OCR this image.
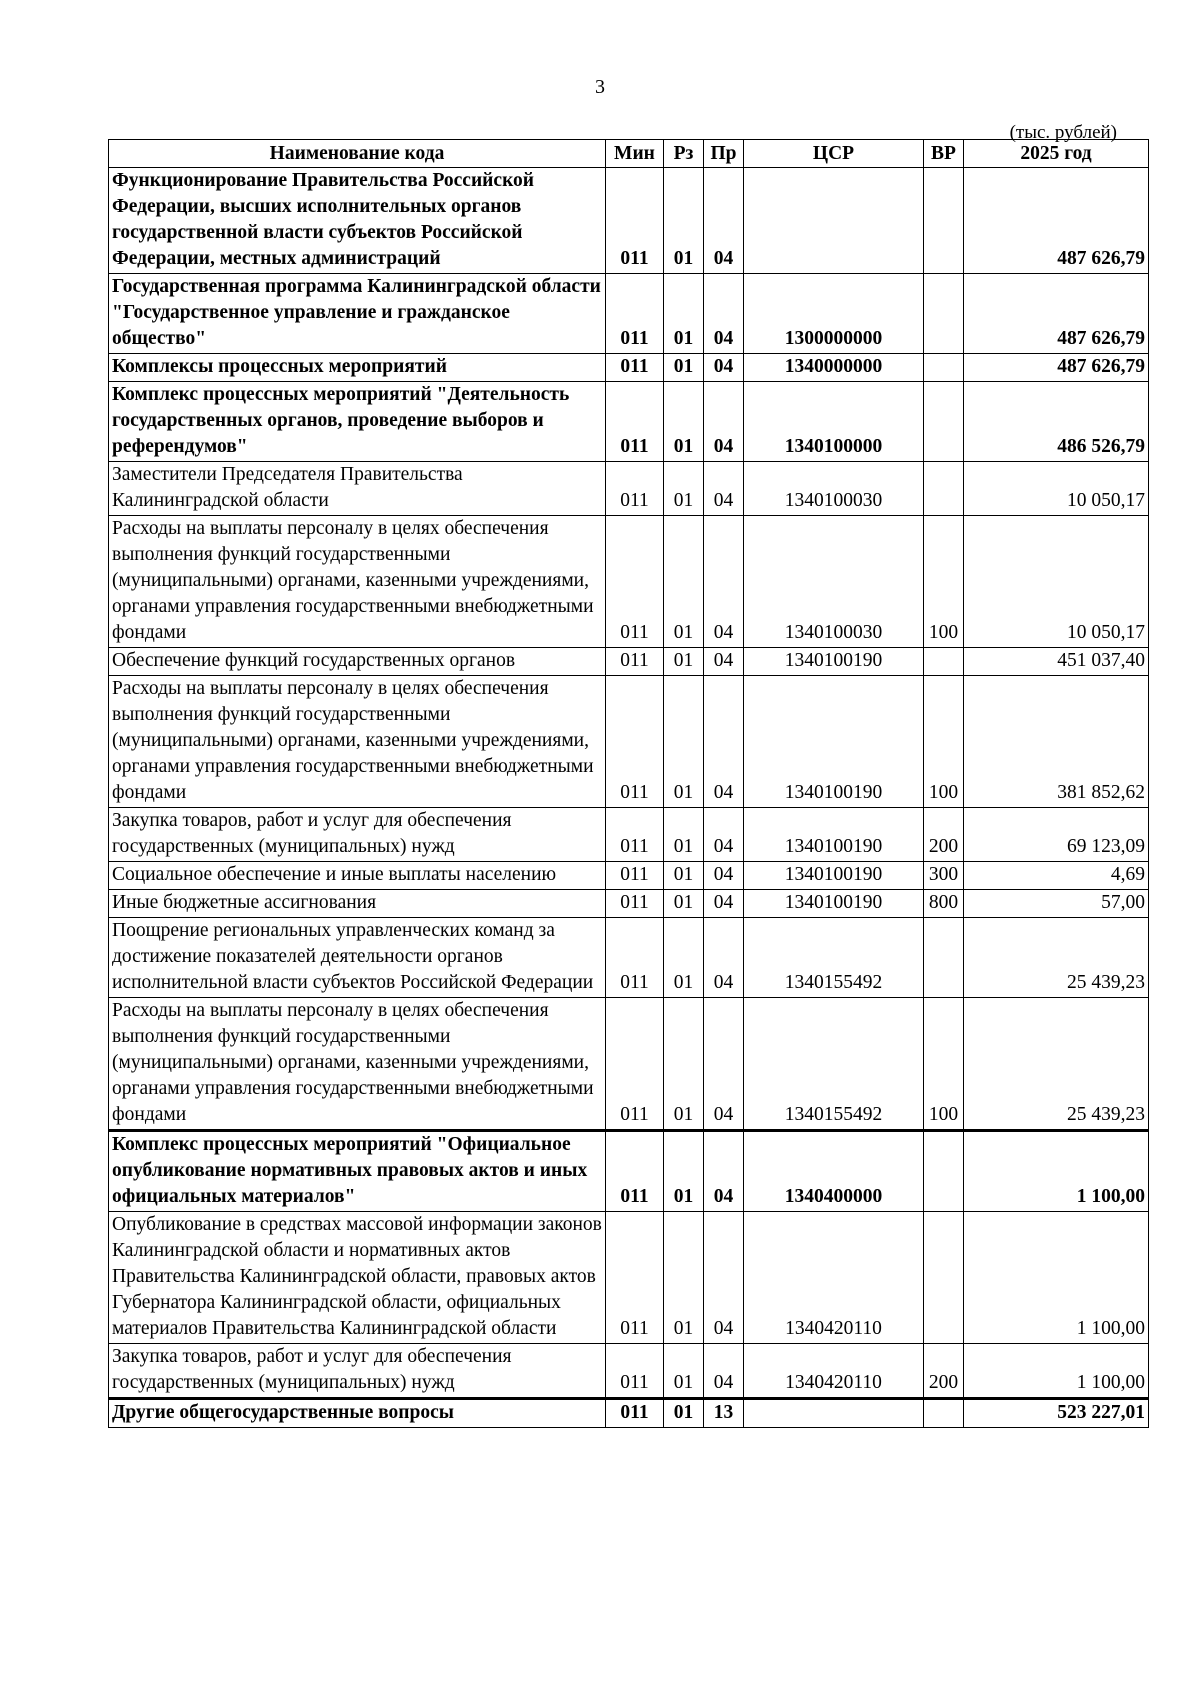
3
(тыс. рублей)
Наименование кода	Мин	Рз	Пр	ЦСР	ВР	2025 год
Функционирование Правительства Российской Федерации, высших исполнительных органов государственной власти субъектов Российской Федерации, местных администраций	011	01	04			487 626,79
Государственная программа Калининградской области "Государственное управление и гражданское общество"	011	01	04	1300000000		487 626,79
Комплексы процессных мероприятий	011	01	04	1340000000		487 626,79
Комплекс процессных мероприятий "Деятельность государственных органов, проведение выборов и референдумов"	011	01	04	1340100000		486 526,79
Заместители Председателя Правительства Калининградской области	011	01	04	1340100030		10 050,17
Расходы на выплаты персоналу в целях обеспечения выполнения функций государственными (муниципальными) органами, казенными учреждениями, органами управления государственными внебюджетными фондами	011	01	04	1340100030	100	10 050,17
Обеспечение функций государственных органов	011	01	04	1340100190		451 037,40
Расходы на выплаты персоналу в целях обеспечения выполнения функций государственными (муниципальными) органами, казенными учреждениями, органами управления государственными внебюджетными фондами	011	01	04	1340100190	100	381 852,62
Закупка товаров, работ и услуг для обеспечения государственных (муниципальных) нужд	011	01	04	1340100190	200	69 123,09
Социальное обеспечение и иные выплаты населению	011	01	04	1340100190	300	4,69
Иные бюджетные ассигнования	011	01	04	1340100190	800	57,00
Поощрение региональных управленческих команд за достижение показателей деятельности органов исполнительной власти субъектов Российской Федерации	011	01	04	1340155492		25 439,23
Расходы на выплаты персоналу в целях обеспечения выполнения функций государственными (муниципальными) органами, казенными учреждениями, органами управления государственными внебюджетными фондами	011	01	04	1340155492	100	25 439,23
Комплекс процессных мероприятий "Официальное опубликование нормативных правовых актов и иных официальных материалов"	011	01	04	1340400000		1 100,00
Опубликование в средствах массовой информации законов Калининградской области и нормативных актов Правительства Калининградской области, правовых актов Губернатора Калининградской области, официальных материалов Правительства Калининградской области	011	01	04	1340420110		1 100,00
Закупка товаров, работ и услуг для обеспечения государственных (муниципальных) нужд	011	01	04	1340420110	200	1 100,00
Другие общегосударственные вопросы	011	01	13			523 227,01
